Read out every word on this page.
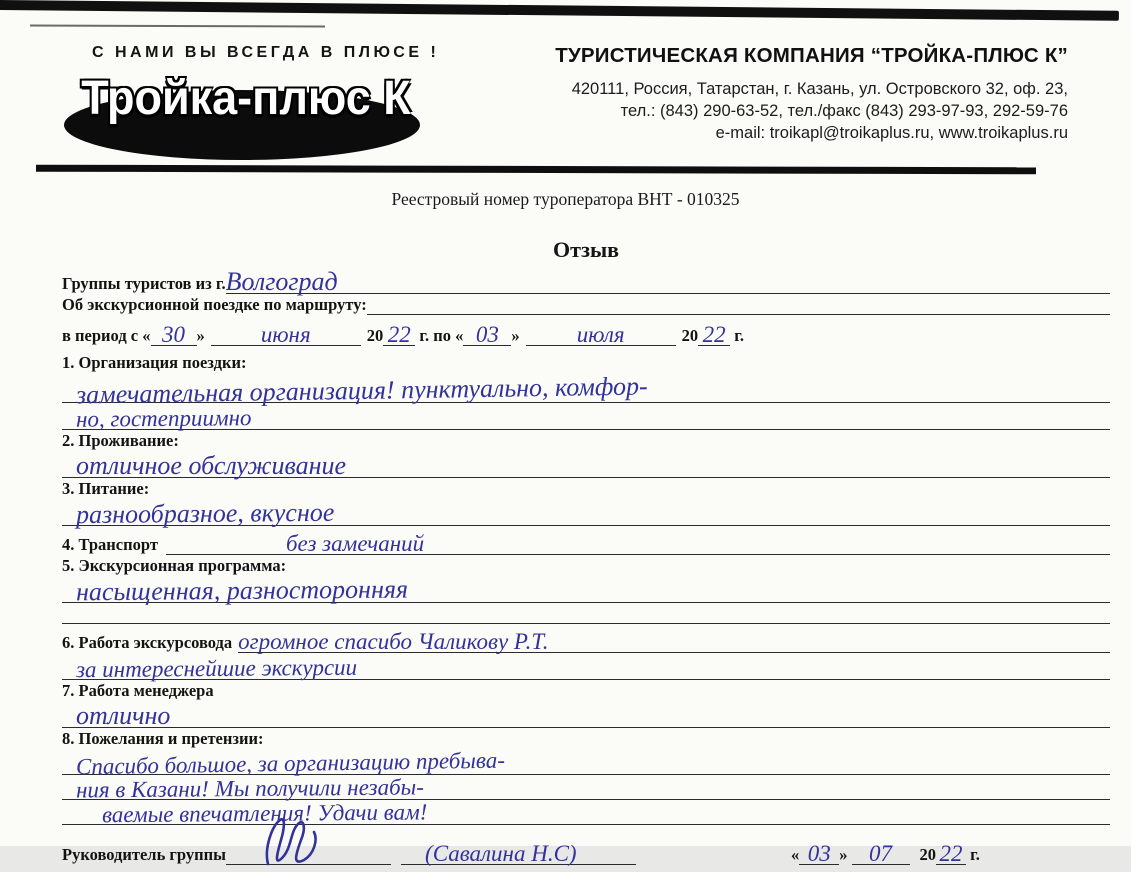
С НАМИ ВЫ ВСЕГДА В ПЛЮСЕ !
Тройка-плюс К
ТУРИСТИЧЕСКАЯ КОМПАНИЯ “ТРОЙКА-ПЛЮС К”
420111, Россия, Татарстан, г. Казань, ул. Островского 32, оф. 23,
тел.: (843) 290-63-52, тел./факс (843) 293-97-93, 292-59-76
e-mail: troikapl@troikaplus.ru, www.troikaplus.ru
Реестровый номер туроператора ВНТ - 010325
Отзыв
Группы туристов из г. Волгоград
Об экскурсионной поездке по маршруту:
в период с « 30 »	июня	20 22 г. по « 03 »	июля	20 22 г.
1. Организация поездки:
замечательная организация! пунктуально, комфор-
но, гостеприимно
2. Проживание:
отличное обслуживание
3. Питание:
разнообразное, вкусное
4. Транспорт	без замечаний
5. Экскурсионная программа:
насыщенная, разносторонняя
6. Работа экскурсовода огромное спасибо Чаликову Р.Т.
за интереснейшие экскурсии
7. Работа менеджера
отлично
8. Пожелания и претензии:
Спасибо большое, за организацию пребыва-
ния в Казани! Мы получили незабы-
ваемые впечатления! Удачи вам!
Руководитель группы	(Савалина Н.С)	« 03 » 07	20 22 г.
